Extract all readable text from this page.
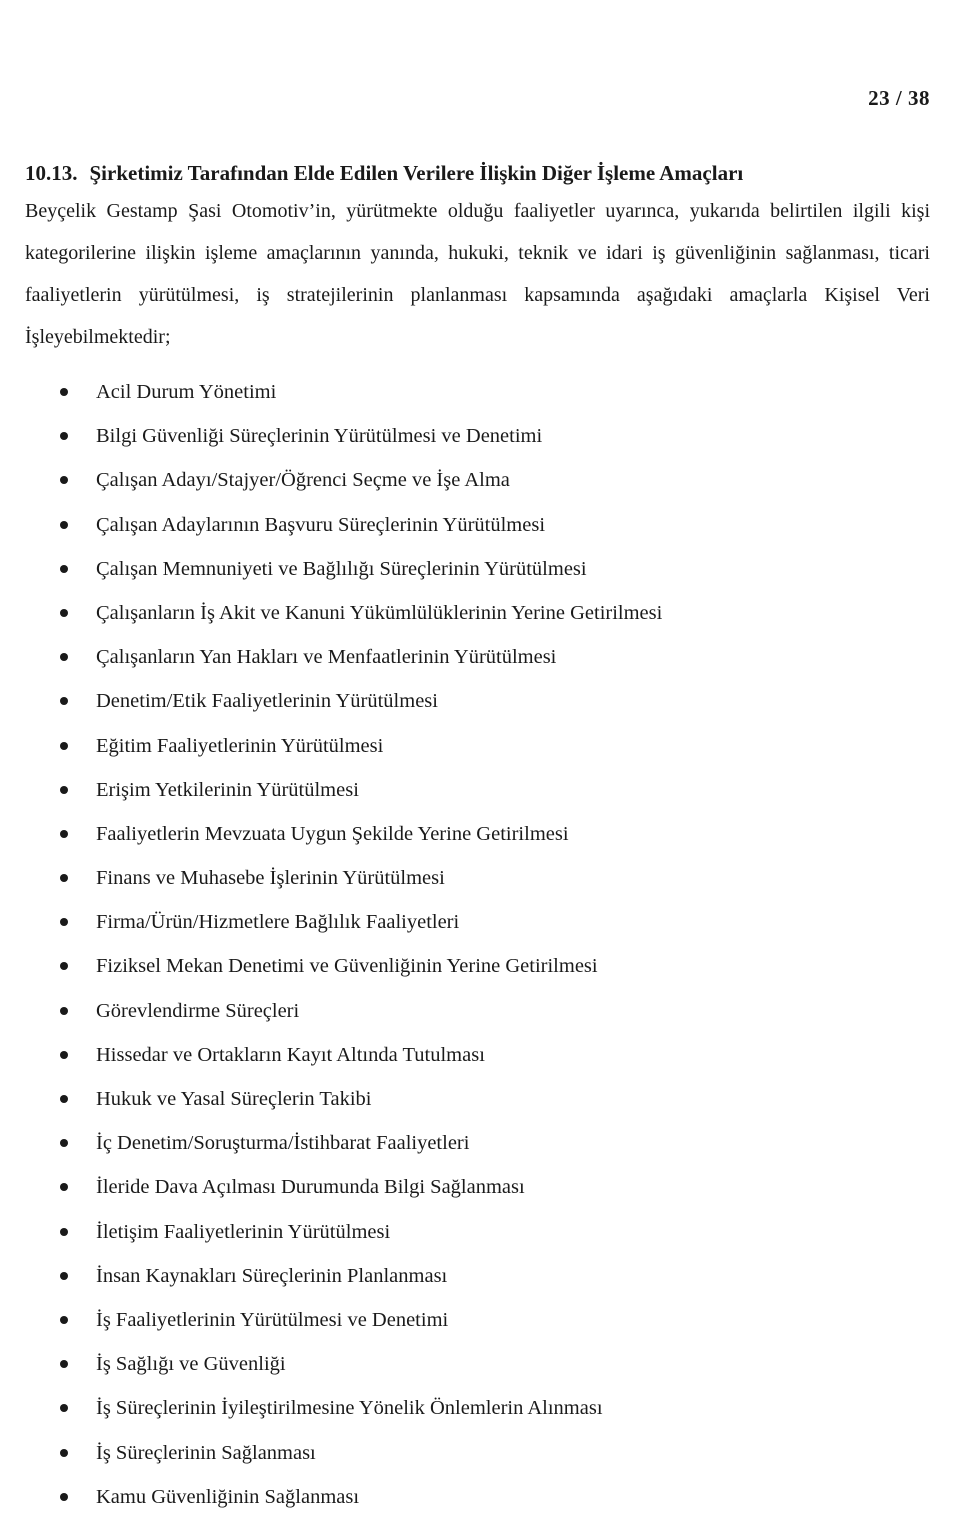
23 / 38
10.13. Şirketimiz Tarafından Elde Edilen Verilere İlişkin Diğer İşleme Amaçları

Beyçelik Gestamp Şasi Otomotiv’in, yürütmekte olduğu faaliyetler uyarınca, yukarıda belirtilen ilgili kişi kategorilerine ilişkin işleme amaçlarının yanında, hukuki, teknik ve idari iş güvenliğinin sağlanması, ticari faaliyetlerin yürütülmesi, iş stratejilerinin planlanması kapsamında aşağıdaki amaçlarla Kişisel Veri İşleyebilmektedir;

Acil Durum Yönetimi
Bilgi Güvenliği Süreçlerinin Yürütülmesi ve Denetimi
Çalışan Adayı/Stajyer/Öğrenci Seçme ve İşe Alma
Çalışan Adaylarının Başvuru Süreçlerinin Yürütülmesi
Çalışan Memnuniyeti ve Bağlılığı Süreçlerinin Yürütülmesi
Çalışanların İş Akit ve Kanuni Yükümlülüklerinin Yerine Getirilmesi
Çalışanların Yan Hakları ve Menfaatlerinin Yürütülmesi
Denetim/Etik Faaliyetlerinin Yürütülmesi
Eğitim Faaliyetlerinin Yürütülmesi
Erişim Yetkilerinin Yürütülmesi
Faaliyetlerin Mevzuata Uygun Şekilde Yerine Getirilmesi
Finans ve Muhasebe İşlerinin Yürütülmesi
Firma/Ürün/Hizmetlere Bağlılık Faaliyetleri
Fiziksel Mekan Denetimi ve Güvenliğinin Yerine Getirilmesi
Görevlendirme Süreçleri
Hissedar ve Ortakların Kayıt Altında Tutulması
Hukuk ve Yasal Süreçlerin Takibi
İç Denetim/Soruşturma/İstihbarat Faaliyetleri
İleride Dava Açılması Durumunda Bilgi Sağlanması
İletişim Faaliyetlerinin Yürütülmesi
İnsan Kaynakları Süreçlerinin Planlanması
İş Faaliyetlerinin Yürütülmesi ve Denetimi
İş Sağlığı ve Güvenliği
İş Süreçlerinin İyileştirilmesine Yönelik Önlemlerin Alınması
İş Süreçlerinin Sağlanması
Kamu Güvenliğinin Sağlanması
